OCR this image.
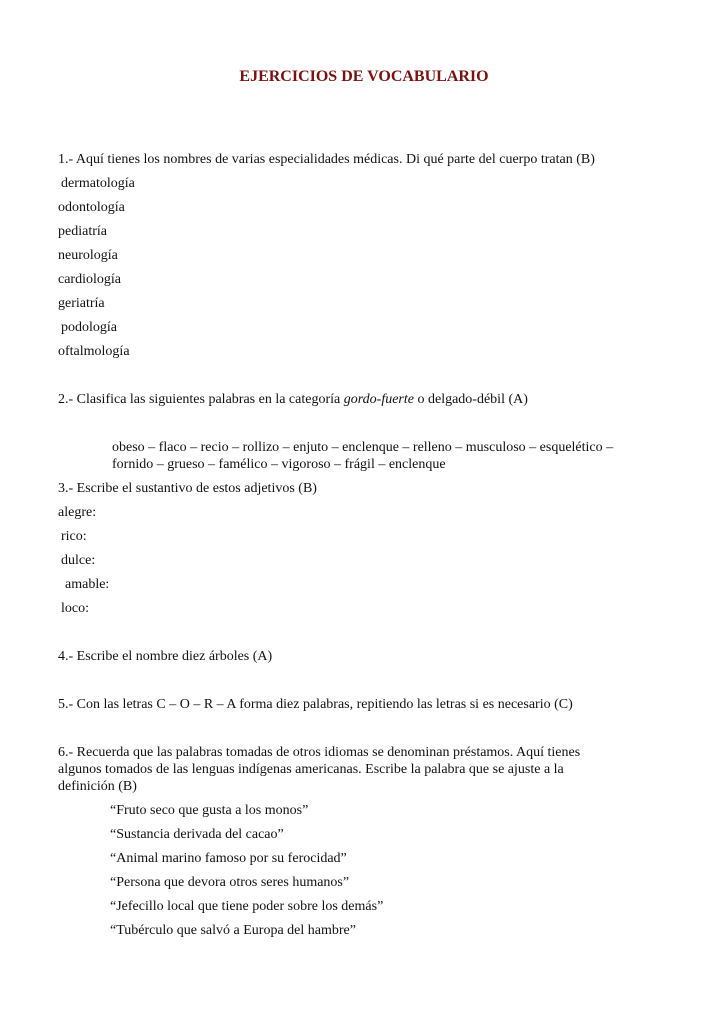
EJERCICIOS DE VOCABULARIO
1.- Aquí tienes los nombres de varias especialidades médicas. Di qué parte del cuerpo tratan (B)
dermatología
odontología
pediatría
neurología
cardiología
geriatría
podología
oftalmología
2.- Clasifica las siguientes palabras en la categoría gordo-fuerte o delgado-débil (A)
obeso – flaco – recio – rollizo – enjuto – enclenque – relleno – musculoso – esquelético –
fornido – grueso – famélico – vigoroso – frágil – enclenque
3.- Escribe el sustantivo de estos adjetivos (B)
alegre:
rico:
dulce:
amable:
loco:
4.- Escribe el nombre diez árboles (A)
5.- Con las letras C – O – R – A forma diez palabras, repitiendo las letras si es necesario (C)
6.- Recuerda que las palabras tomadas de otros idiomas se denominan préstamos. Aquí tienes
algunos tomados de las lenguas indígenas americanas. Escribe la palabra que se ajuste a la
definición (B)
“Fruto seco que gusta a los monos”
“Sustancia derivada del cacao”
“Animal marino famoso por su ferocidad”
“Persona que devora otros seres humanos”
“Jefecillo local que tiene poder sobre los demás”
“Tubérculo que salvó a Europa del hambre”
